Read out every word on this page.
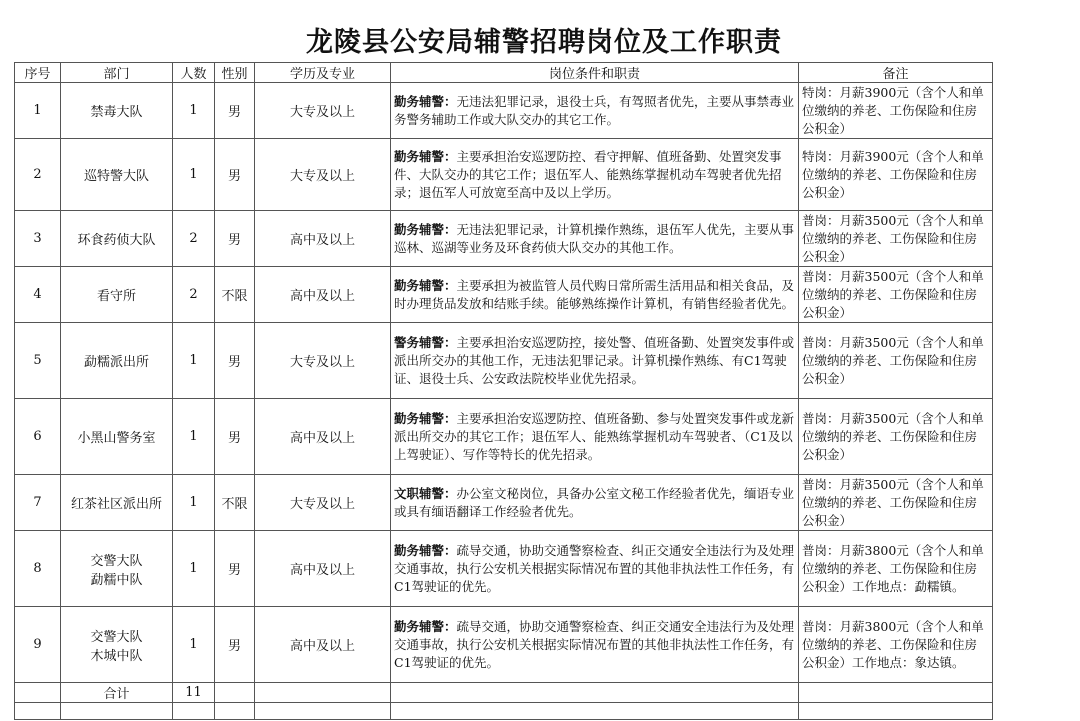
龙陵县公安局辅警招聘岗位及工作职责
序号	部门	人数	性别	学历及专业	岗位条件和职责	备注
1	禁毒大队	1	男	大专及以上	勤务辅警：无违法犯罪记录，退役士兵，有驾照者优先，主要从事禁毒业务警务辅助工作或大队交办的其它工作。	特岗：月薪3900元（含个人和单位缴纳的养老、工伤保险和住房公积金）
2	巡特警大队	1	男	大专及以上	勤务辅警：主要承担治安巡逻防控、看守押解、值班备勤、处置突发事件、大队交办的其它工作；退伍军人、能熟练掌握机动车驾驶者优先招录；退伍军人可放宽至高中及以上学历。	特岗：月薪3900元（含个人和单位缴纳的养老、工伤保险和住房公积金）
3	环食药侦大队	2	男	高中及以上	勤务辅警：无违法犯罪记录，计算机操作熟练，退伍军人优先，主要从事巡林、巡湖等业务及环食药侦大队交办的其他工作。	普岗：月薪3500元（含个人和单位缴纳的养老、工伤保险和住房公积金）
4	看守所	2	不限	高中及以上	勤务辅警：主要承担为被监管人员代购日常所需生活用品和相关食品，及时办理货品发放和结账手续。能够熟练操作计算机，有销售经验者优先。	普岗：月薪3500元（含个人和单位缴纳的养老、工伤保险和住房公积金）
5	勐糯派出所	1	男	大专及以上	警务辅警：主要承担治安巡逻防控，接处警、值班备勤、处置突发事件或派出所交办的其他工作，无违法犯罪记录。计算机操作熟练、有C1驾驶证、退役士兵、公安政法院校毕业优先招录。	普岗：月薪3500元（含个人和单位缴纳的养老、工伤保险和住房公积金）
6	小黑山警务室	1	男	高中及以上	勤务辅警：主要承担治安巡逻防控、值班备勤、参与处置突发事件或龙新派出所交办的其它工作；退伍军人、能熟练掌握机动车驾驶者、（C1及以上驾驶证）、写作等特长的优先招录。	普岗：月薪3500元（含个人和单位缴纳的养老、工伤保险和住房公积金）
7	红茶社区派出所	1	不限	大专及以上	文职辅警：办公室文秘岗位，具备办公室文秘工作经验者优先，缅语专业或具有缅语翻译工作经验者优先。	普岗：月薪3500元（含个人和单位缴纳的养老、工伤保险和住房公积金）
8	交警大队
勐糯中队	1	男	高中及以上	勤务辅警：疏导交通，协助交通警察检查、纠正交通安全违法行为及处理交通事故，执行公安机关根据实际情况布置的其他非执法性工作任务，有C1驾驶证的优先。	普岗：月薪3800元（含个人和单位缴纳的养老、工伤保险和住房公积金）工作地点：勐糯镇。
9	交警大队
木城中队	1	男	高中及以上	勤务辅警：疏导交通，协助交通警察检查、纠正交通安全违法行为及处理交通事故，执行公安机关根据实际情况布置的其他非执法性工作任务，有C1驾驶证的优先。	普岗：月薪3800元（含个人和单位缴纳的养老、工伤保险和住房公积金）工作地点：象达镇。
	合计	11				
